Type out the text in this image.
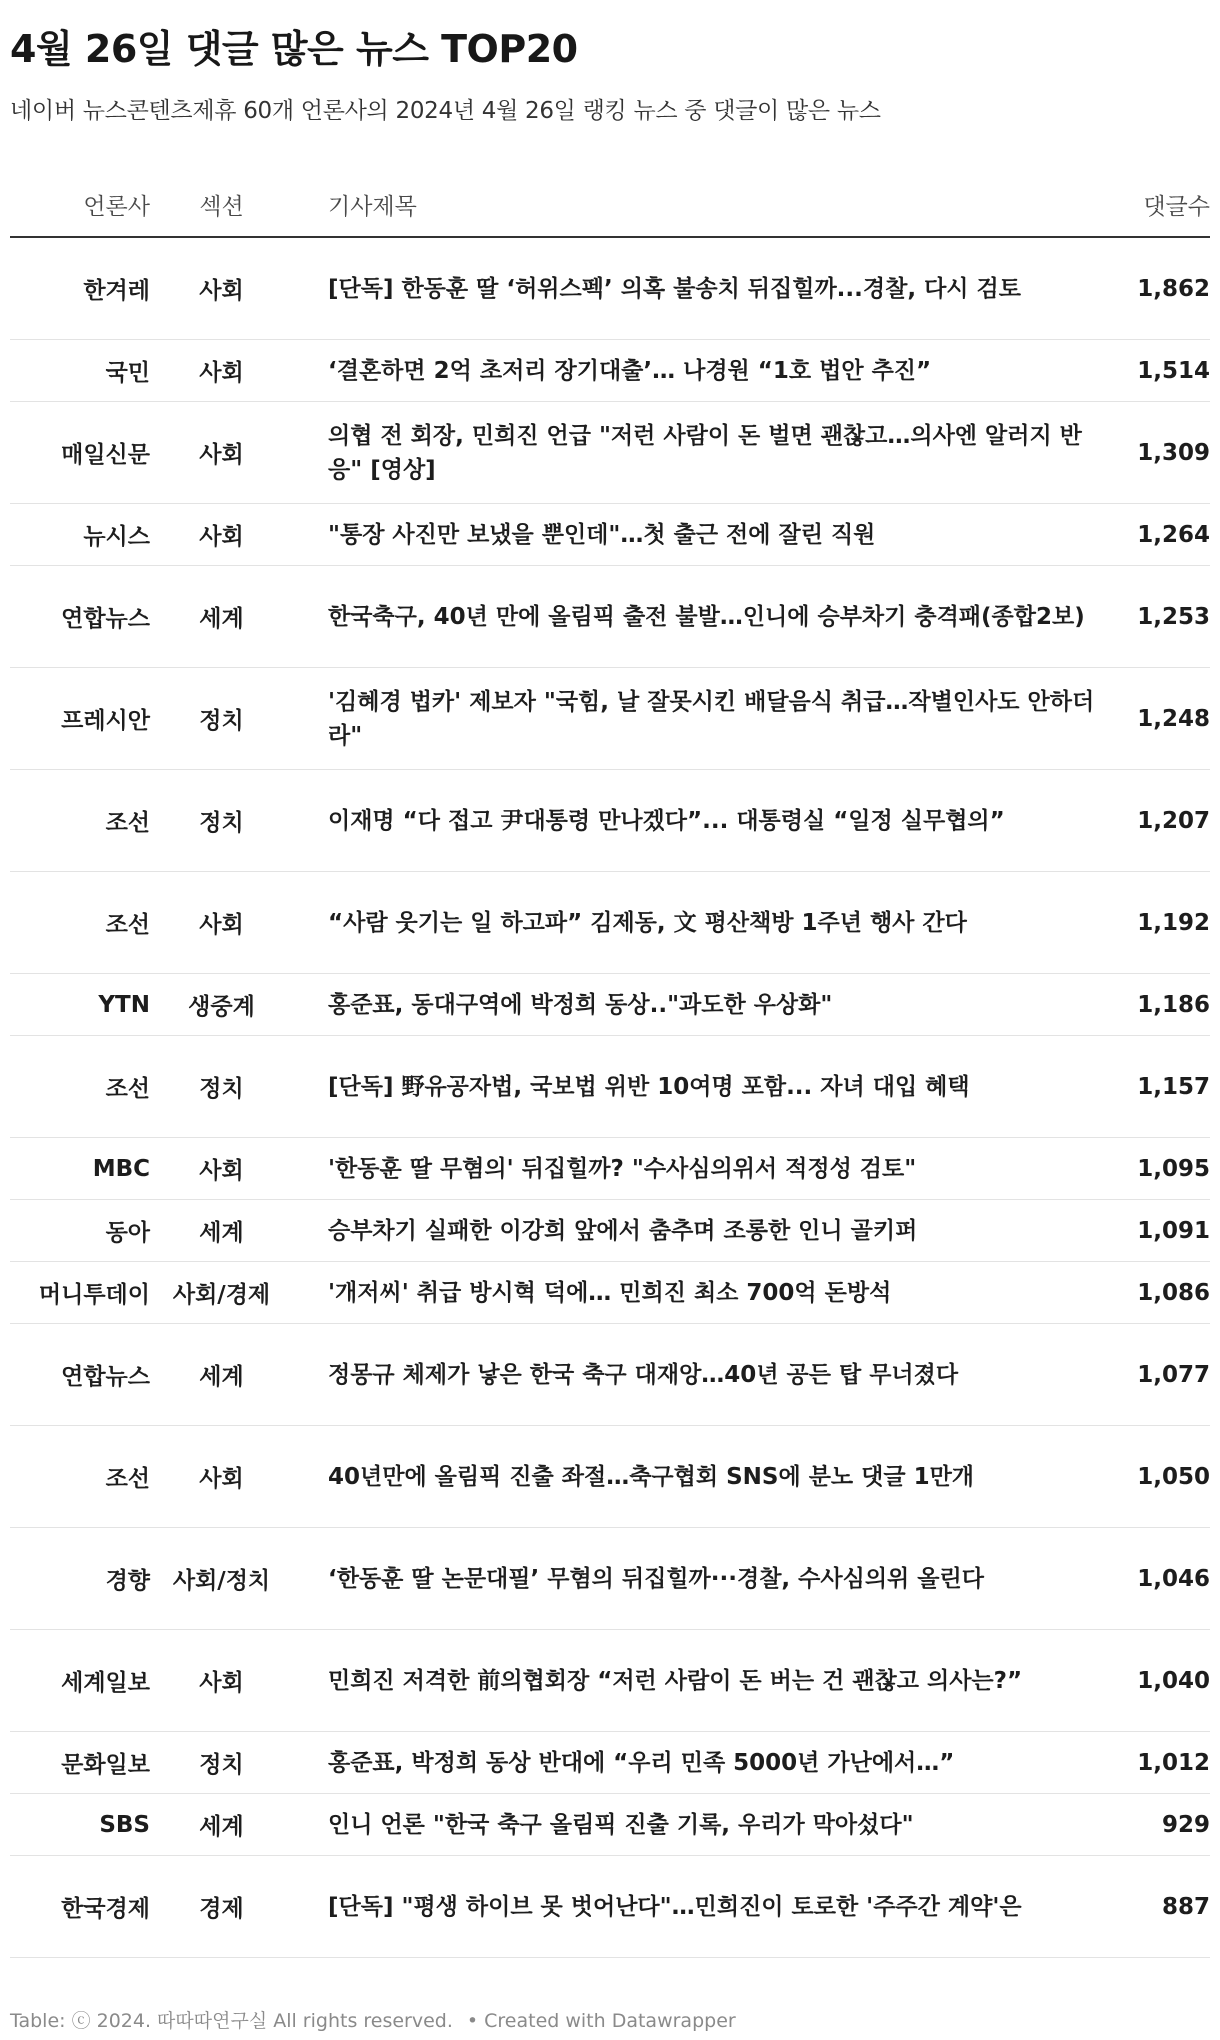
4월 26일 댓글 많은 뉴스 TOP20
네이버 뉴스콘텐츠제휴 60개 언론사의 2024년 4월 26일 랭킹 뉴스 중 댓글이 많은 뉴스
언론사	섹션	기사제목	댓글수
한겨레	사회	[단독] 한동훈 딸 ‘허위스펙’ 의혹 불송치 뒤집힐까...경찰, 다시 검토	1,862
국민	사회	‘결혼하면 2억 초저리 장기대출’… 나경원 “1호 법안 추진”	1,514
매일신문	사회	의협 전 회장, 민희진 언급 "저런 사람이 돈 벌면 괜찮고…의사엔 알러지 반응" [영상]	1,309
뉴시스	사회	"통장 사진만 보냈을 뿐인데"…첫 출근 전에 잘린 직원	1,264
연합뉴스	세계	한국축구, 40년 만에 올림픽 출전 불발…인니에 승부차기 충격패(종합2보)	1,253
프레시안	정치	'김혜경 법카' 제보자 "국힘, 날 잘못시킨 배달음식 취급…작별인사도 안하더라"	1,248
조선	정치	이재명 “다 접고 尹대통령 만나겠다”... 대통령실 “일정 실무협의”	1,207
조선	사회	“사람 웃기는 일 하고파” 김제동, 文 평산책방 1주년 행사 간다	1,192
YTN	생중계	홍준표, 동대구역에 박정희 동상.."과도한 우상화"	1,186
조선	정치	[단독] 野유공자법, 국보법 위반 10여명 포함... 자녀 대입 혜택	1,157
MBC	사회	'한동훈 딸 무혐의' 뒤집힐까? "수사심의위서 적정성 검토"	1,095
동아	세계	승부차기 실패한 이강희 앞에서 춤추며 조롱한 인니 골키퍼	1,091
머니투데이	사회/경제	'개저씨' 취급 방시혁 덕에… 민희진 최소 700억 돈방석	1,086
연합뉴스	세계	정몽규 체제가 낳은 한국 축구 대재앙…40년 공든 탑 무너졌다	1,077
조선	사회	40년만에 올림픽 진출 좌절…축구협회 SNS에 분노 댓글 1만개	1,050
경향	사회/정치	‘한동훈 딸 논문대필’ 무혐의 뒤집힐까···경찰, 수사심의위 올린다	1,046
세계일보	사회	민희진 저격한 前의협회장 “저런 사람이 돈 버는 건 괜찮고 의사는?”	1,040
문화일보	정치	홍준표, 박정희 동상 반대에 “우리 민족 5000년 가난에서…”	1,012
SBS	세계	인니 언론 "한국 축구 올림픽 진출 기록, 우리가 막아섰다"	929
한국경제	경제	[단독] "평생 하이브 못 벗어난다"…민희진이 토로한 '주주간 계약'은	887
Table: ⓒ 2024. 따따따연구실 All rights reserved. • Created with Datawrapper
